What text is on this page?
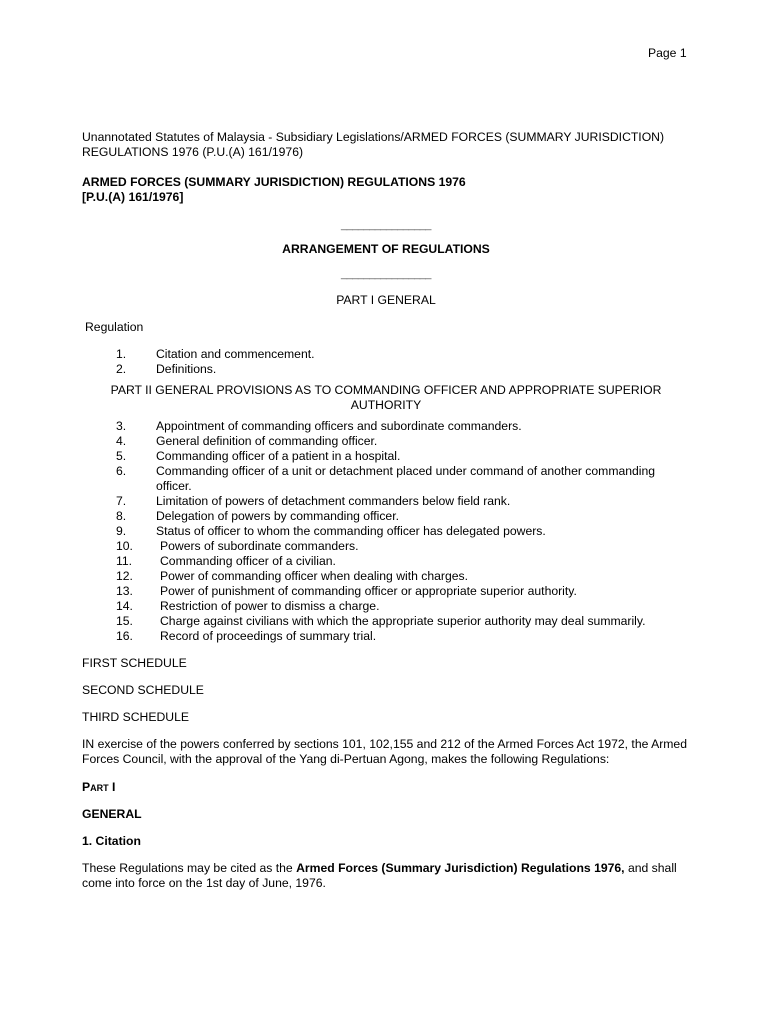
Page 1

Unannotated Statutes of Malaysia - Subsidiary Legislations/ARMED FORCES (SUMMARY JURISDICTION)

REGULATIONS 1976 (P.U.(A) 161/1976)

ARMED FORCES (SUMMARY JURISDICTION) REGULATIONS 1976

[P.U.(A) 161/1976]

________________
ARRANGEMENT OF REGULATIONS
________________
PART I GENERAL
Regulation
1.	Citation and commencement.
2.	Definitions.
PART II GENERAL PROVISIONS AS TO COMMANDING OFFICER AND APPROPRIATE SUPERIOR
AUTHORITY
3.	Appointment of commanding officers and subordinate commanders.
4.	General definition of commanding officer.
5.	Commanding officer of a patient in a hospital.
6.	Commanding officer of a unit or detachment placed under command of another commanding officer.
7.	Limitation of powers of detachment commanders below field rank.
8.	Delegation of powers by commanding officer.
9.	Status of officer to whom the commanding officer has delegated powers.
10.	Powers of subordinate commanders.
11.	Commanding officer of a civilian.
12.	Power of commanding officer when dealing with charges.
13.	Power of punishment of commanding officer or appropriate superior authority.
14.	Restriction of power to dismiss a charge.
15.	Charge against civilians with which the appropriate superior authority may deal summarily.
16.	Record of proceedings of summary trial.
FIRST SCHEDULE
SECOND SCHEDULE
THIRD SCHEDULE

IN exercise of the powers conferred by sections 101, 102,155 and 212 of the Armed Forces Act 1972, the Armed Forces Council, with the approval of the Yang di-Pertuan Agong, makes the following Regulations:

Part I
GENERAL
1. Citation

These Regulations may be cited as the Armed Forces (Summary Jurisdiction) Regulations 1976, and shall come into force on the 1st day of June, 1976.
